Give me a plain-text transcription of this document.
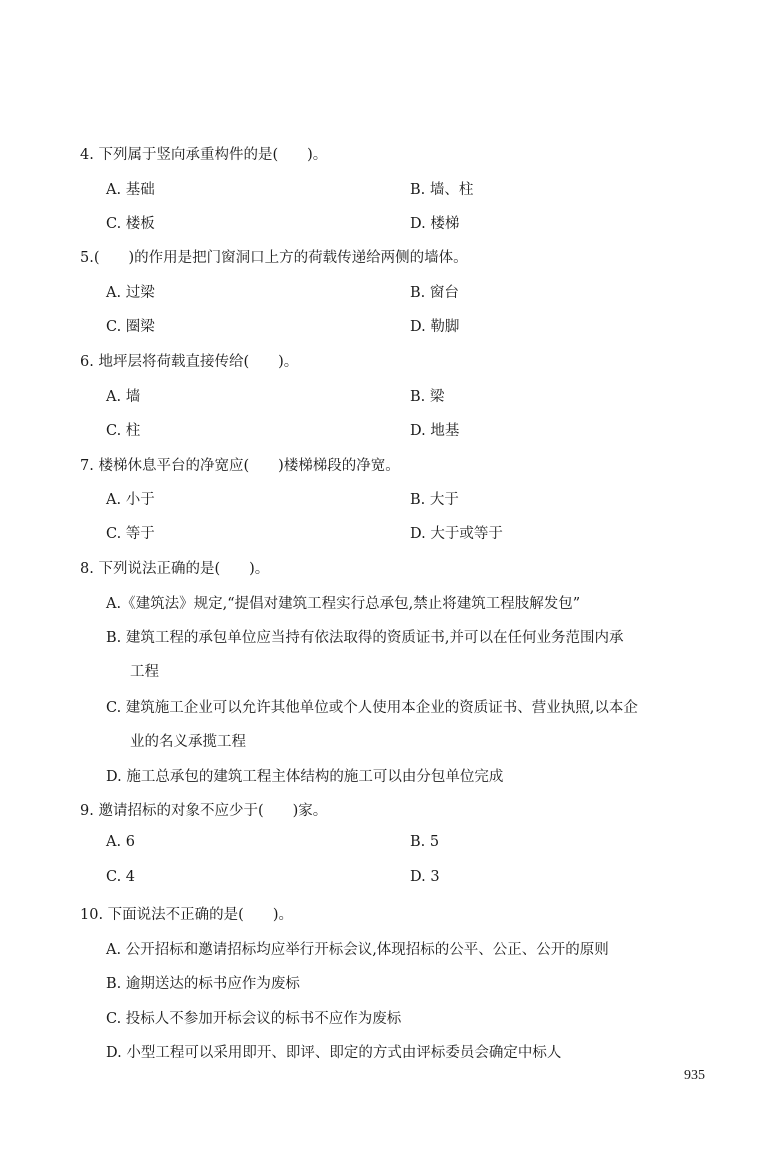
4. 下列属于竖向承重构件的是(　　)。
A. 基础	B. 墙、柱
C. 楼板	D. 楼梯
5.(　　)的作用是把门窗洞口上方的荷载传递给两侧的墙体。
A. 过梁	B. 窗台
C. 圈梁	D. 勒脚
6. 地坪层将荷载直接传给(　　)。
A. 墙	B. 梁
C. 柱	D. 地基
7. 楼梯休息平台的净宽应(　　)楼梯梯段的净宽。
A. 小于	B. 大于
C. 等于	D. 大于或等于
8. 下列说法正确的是(　　)。
A.《建筑法》规定,“提倡对建筑工程实行总承包,禁止将建筑工程肢解发包”
B. 建筑工程的承包单位应当持有依法取得的资质证书,并可以在任何业务范围内承
工程
C. 建筑施工企业可以允许其他单位或个人使用本企业的资质证书、营业执照,以本企
业的名义承揽工程
D. 施工总承包的建筑工程主体结构的施工可以由分包单位完成
9. 邀请招标的对象不应少于(　　)家。
A. 6	B. 5
C. 4	D. 3
10. 下面说法不正确的是(　　)。
A. 公开招标和邀请招标均应举行开标会议,体现招标的公平、公正、公开的原则
B. 逾期送达的标书应作为废标
C. 投标人不参加开标会议的标书不应作为废标
D. 小型工程可以采用即开、即评、即定的方式由评标委员会确定中标人
935
